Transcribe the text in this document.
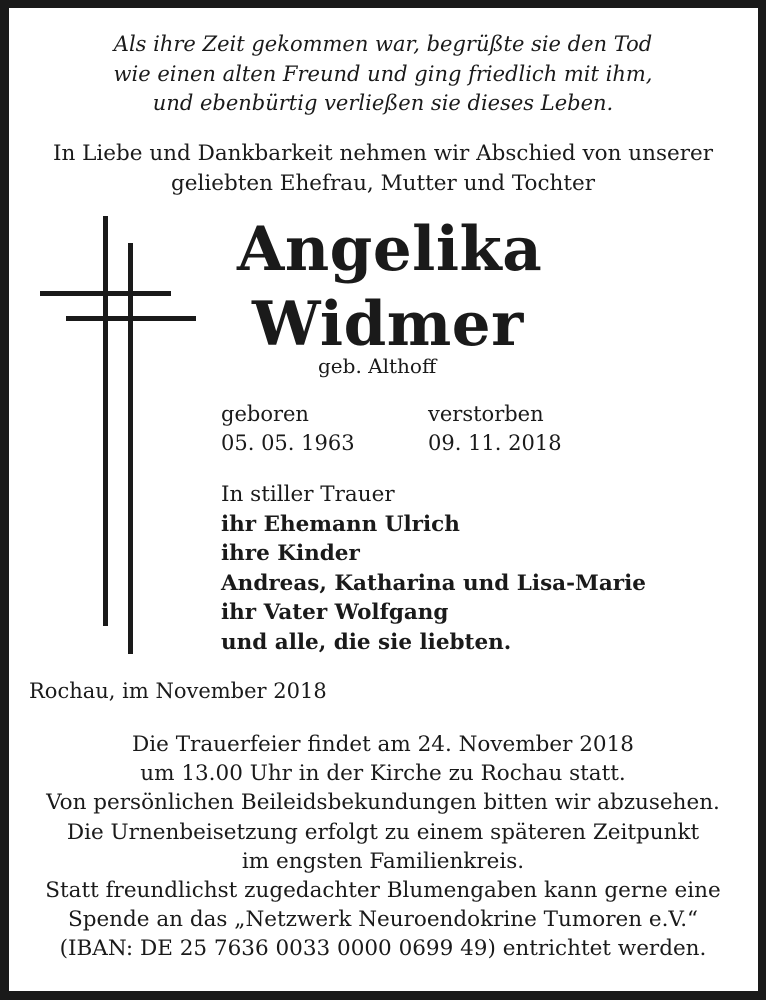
Als ihre Zeit gekommen war, begrüßte sie den Tod
wie einen alten Freund und ging friedlich mit ihm,
und ebenbürtig verließen sie dieses Leben.
In Liebe und Dankbarkeit nehmen wir Abschied von unserer
geliebten Ehefrau, Mutter und Tochter
Angelika
Widmer
geb. Althoff
geboren
05. 05. 1963
verstorben
09. 11. 2018
In stiller Trauer
ihr Ehemann Ulrich
ihre Kinder
Andreas, Katharina und Lisa-Marie
ihr Vater Wolfgang
und alle, die sie liebten.
Rochau, im November 2018
Die Trauerfeier findet am 24. November 2018
um 13.00 Uhr in der Kirche zu Rochau statt.
Von persönlichen Beileidsbekundungen bitten wir abzusehen.
Die Urnenbeisetzung erfolgt zu einem späteren Zeitpunkt
im engsten Familienkreis.
Statt freundlichst zugedachter Blumengaben kann gerne eine
Spende an das „Netzwerk Neuroendokrine Tumoren e.V.“
(IBAN: DE 25 7636 0033 0000 0699 49) entrichtet werden.
